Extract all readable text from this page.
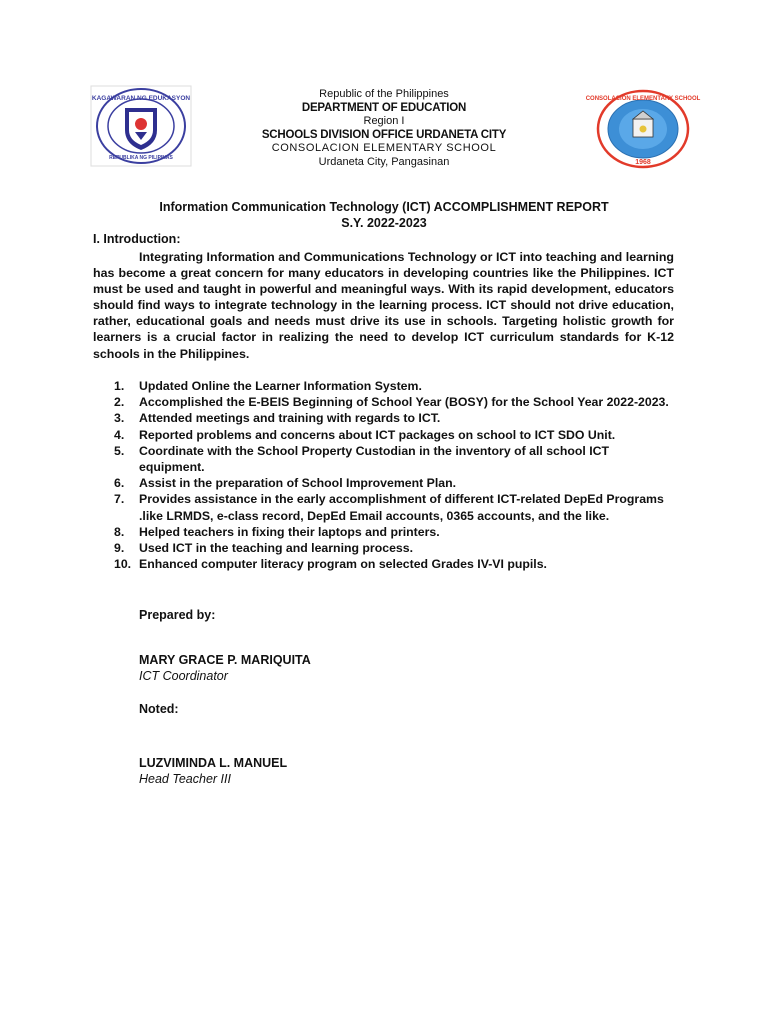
KAGAWARAN NG EDUKASYON
REPUBLIKA NG PILIPINAS
Republic of the Philippines
DEPARTMENT OF EDUCATION
Region I
SCHOOLS DIVISION OFFICE URDANETA CITY
CONSOLACION ELEMENTARY SCHOOL
Urdaneta City, Pangasinan
CONSOLACION ELEMENTARY SCHOOL
1968
Information Communication Technology (ICT) ACCOMPLISHMENT REPORT
S.Y. 2022-2023
I. Introduction:
Integrating Information and Communications Technology or ICT into teaching and learning has become a great concern for many educators in developing countries like the Philippines. ICT must be used and taught in powerful and meaningful ways. With its rapid development, educators should find ways to integrate technology in the learning process. ICT should not drive education, rather, educational goals and needs must drive its use in schools. Targeting holistic growth for learners is a crucial factor in realizing the need to develop ICT curriculum standards for K-12 schools in the Philippines.
1.	Updated Online the Learner Information System.
2.	Accomplished the E-BEIS Beginning of School Year (BOSY) for the School Year 2022-2023.
3.	Attended meetings and training with regards to ICT.
4.	Reported problems and concerns about ICT packages on school to ICT SDO Unit.
5.	Coordinate with the School Property Custodian in the inventory of all school ICT equipment.
6.	Assist in the preparation of School Improvement Plan.
7.	Provides assistance in the early accomplishment of different ICT-related DepEd Programs .like LRMDS, e-class record, DepEd Email accounts, 0365 accounts, and the like.
8.	Helped teachers in fixing their laptops and printers.
9.	Used ICT in the teaching and learning process.
10. Enhanced computer literacy program on selected Grades IV-VI pupils.
Prepared by:
MARY GRACE P. MARIQUITA
ICT Coordinator
Noted:
LUZVIMINDA L. MANUEL
Head Teacher III
